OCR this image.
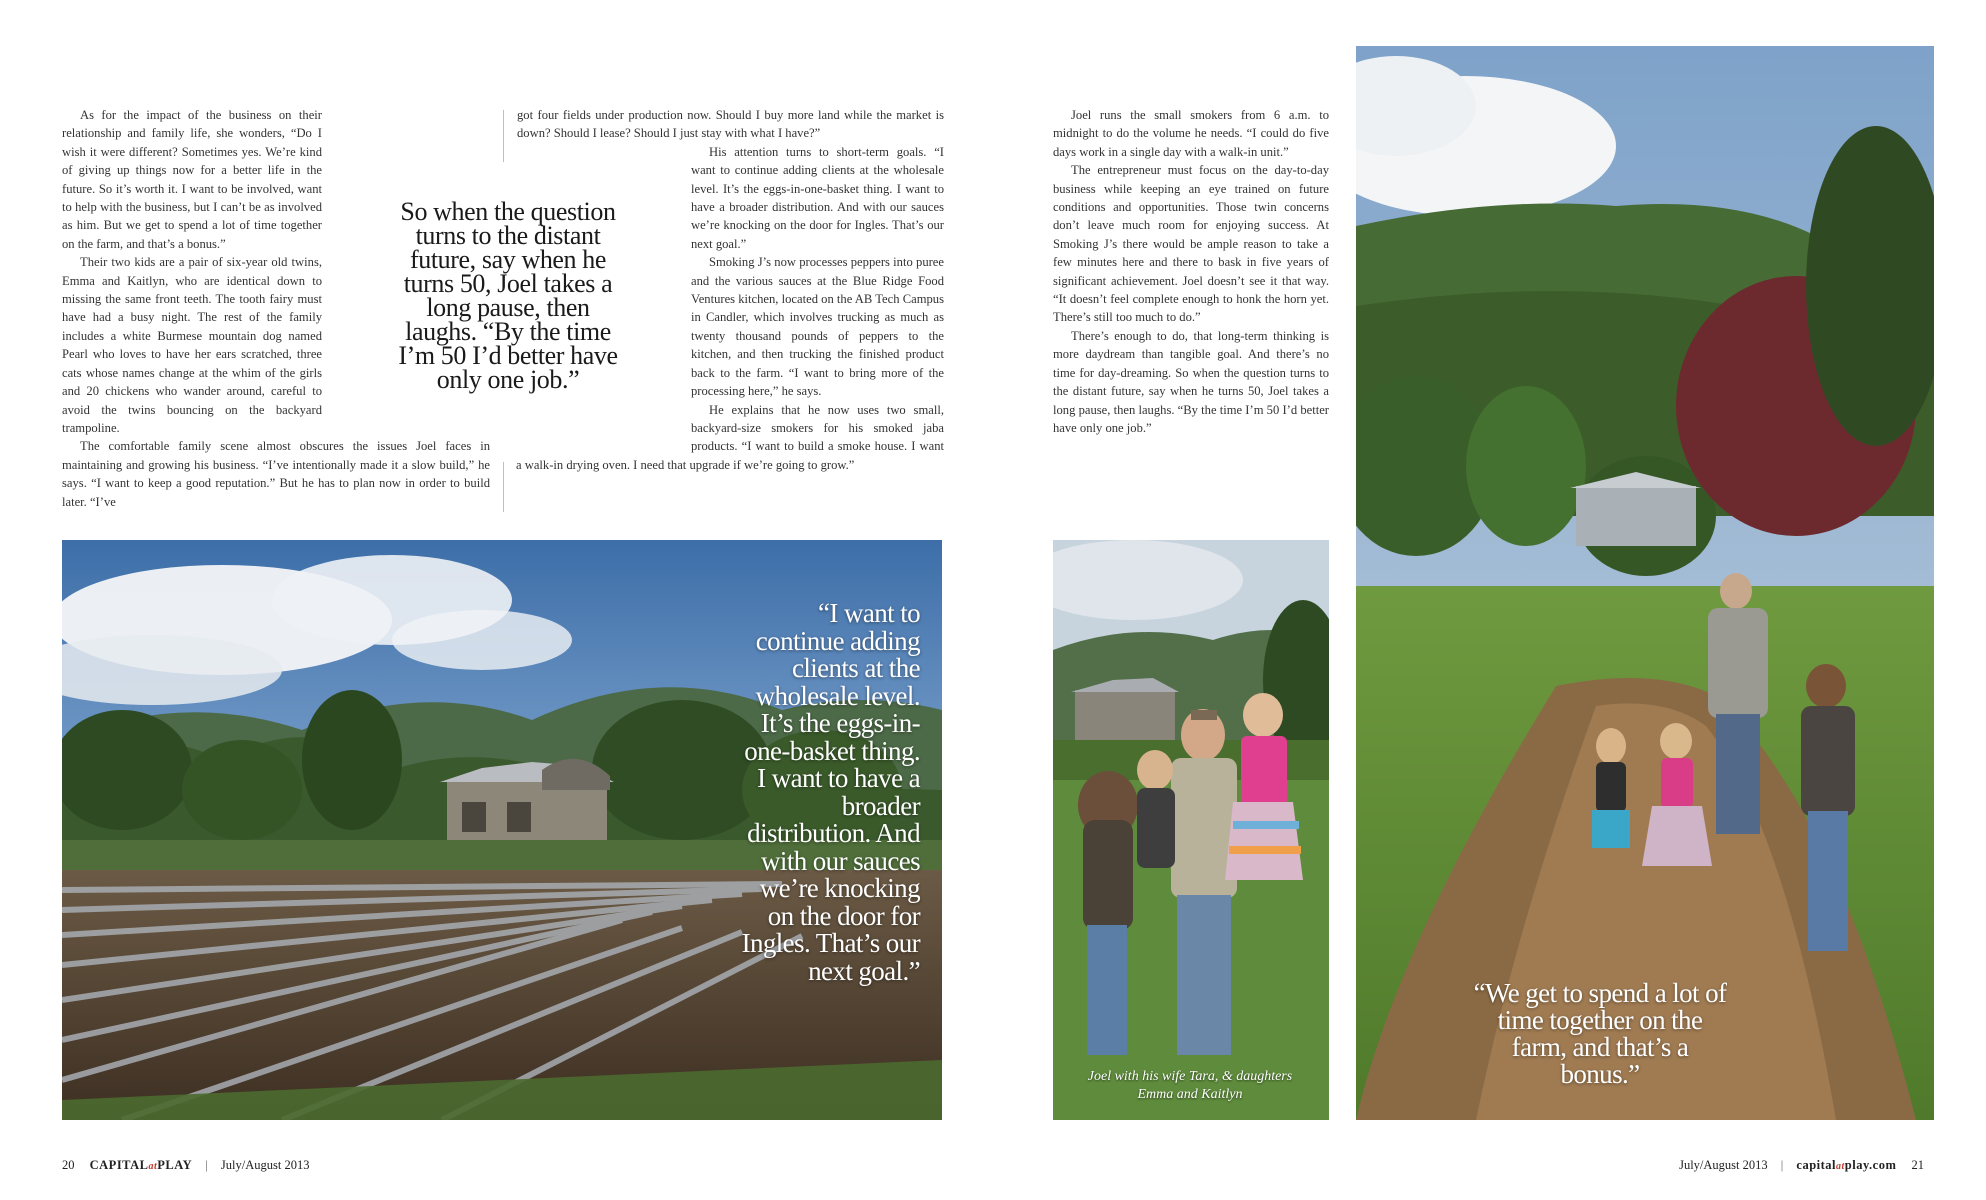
As for the impact of the business on their relationship and family life, she wonders, “Do I wish it were different? Sometimes yes. We’re kind of giving up things now for a better life in the future. So it’s worth it. I want to be involved, want to help with the business, but I can’t be as involved as him. But we get to spend a lot of time together on the farm, and that’s a bonus.”

Their two kids are a pair of six-year old twins, Emma and Kaitlyn, who are identical down to missing the same front teeth. The tooth fairy must have had a busy night. The rest of the family includes a white Burmese mountain dog named Pearl who loves to have her ears scratched, three cats whose names change at the whim of the girls and 20 chickens who wander around, careful to avoid the twins bouncing on the backyard trampoline.

The comfortable family scene almost obscures the issues Joel faces in maintaining and growing his business. “I’ve intentionally made it a slow build,” he says. “I want to keep a good reputation.” But he has to plan now in order to build later. “I’ve

got four fields under production now. Should I buy more land while the market is down? Should I lease? Should I just stay with what I have?”

His attention turns to short-term goals. “I want to continue adding clients at the wholesale level. It’s the eggs-in-one-basket thing. I want to have a broader distribution. And with our sauces we’re knocking on the door for Ingles. That’s our next goal.”

Smoking J’s now processes peppers into puree and the various sauces at the Blue Ridge Food Ventures kitchen, located on the AB Tech Campus in Candler, which involves trucking as much as twenty thousand pounds of peppers to the kitchen, and then trucking the finished product back to the farm. “I want to bring more of the processing here,” he says.

He explains that he now uses two small, backyard-size smokers for his smoked jaba products. “I want to build a smoke house. I want a walk-in drying oven. I need that upgrade if we’re going to grow.”

So when the question turns to the distant future, say when he turns 50, Joel takes a long pause, then laughs. “By the time I’m 50 I’d better have only one job.”

Joel runs the small smokers from 6 a.m. to midnight to do the volume he needs. “I could do five days work in a single day with a walk-in unit.”

The entrepreneur must focus on the day-to-day business while keeping an eye trained on future conditions and opportunities. Those twin concerns don’t leave much room for enjoying success. At Smoking J’s there would be ample reason to take a few minutes here and there to bask in five years of significant achievement. Joel doesn’t see it that way. “It doesn’t feel complete enough to honk the horn yet. There’s still too much to do.”

There’s enough to do, that long-term thinking is more daydream than tangible goal. And there’s no time for day-dreaming. So when the question turns to the distant future, say when he turns 50, Joel takes a long pause, then laughs. “By the time I’m 50 I’d better have only one job.”

“I want to continue adding clients at the wholesale level. It’s the eggs-in-one-basket thing. I want to have a broader distribution. And with our sauces we’re knocking on the door for Ingles. That’s our next goal.”
Joel with his wife Tara, & daughters Emma and Kaitlyn
“We get to spend a lot of time together on the farm, and that’s a bonus.”
20 CAPITALatPLAY | July/August 2013	July/August 2013 | capitalatplay.com 21
